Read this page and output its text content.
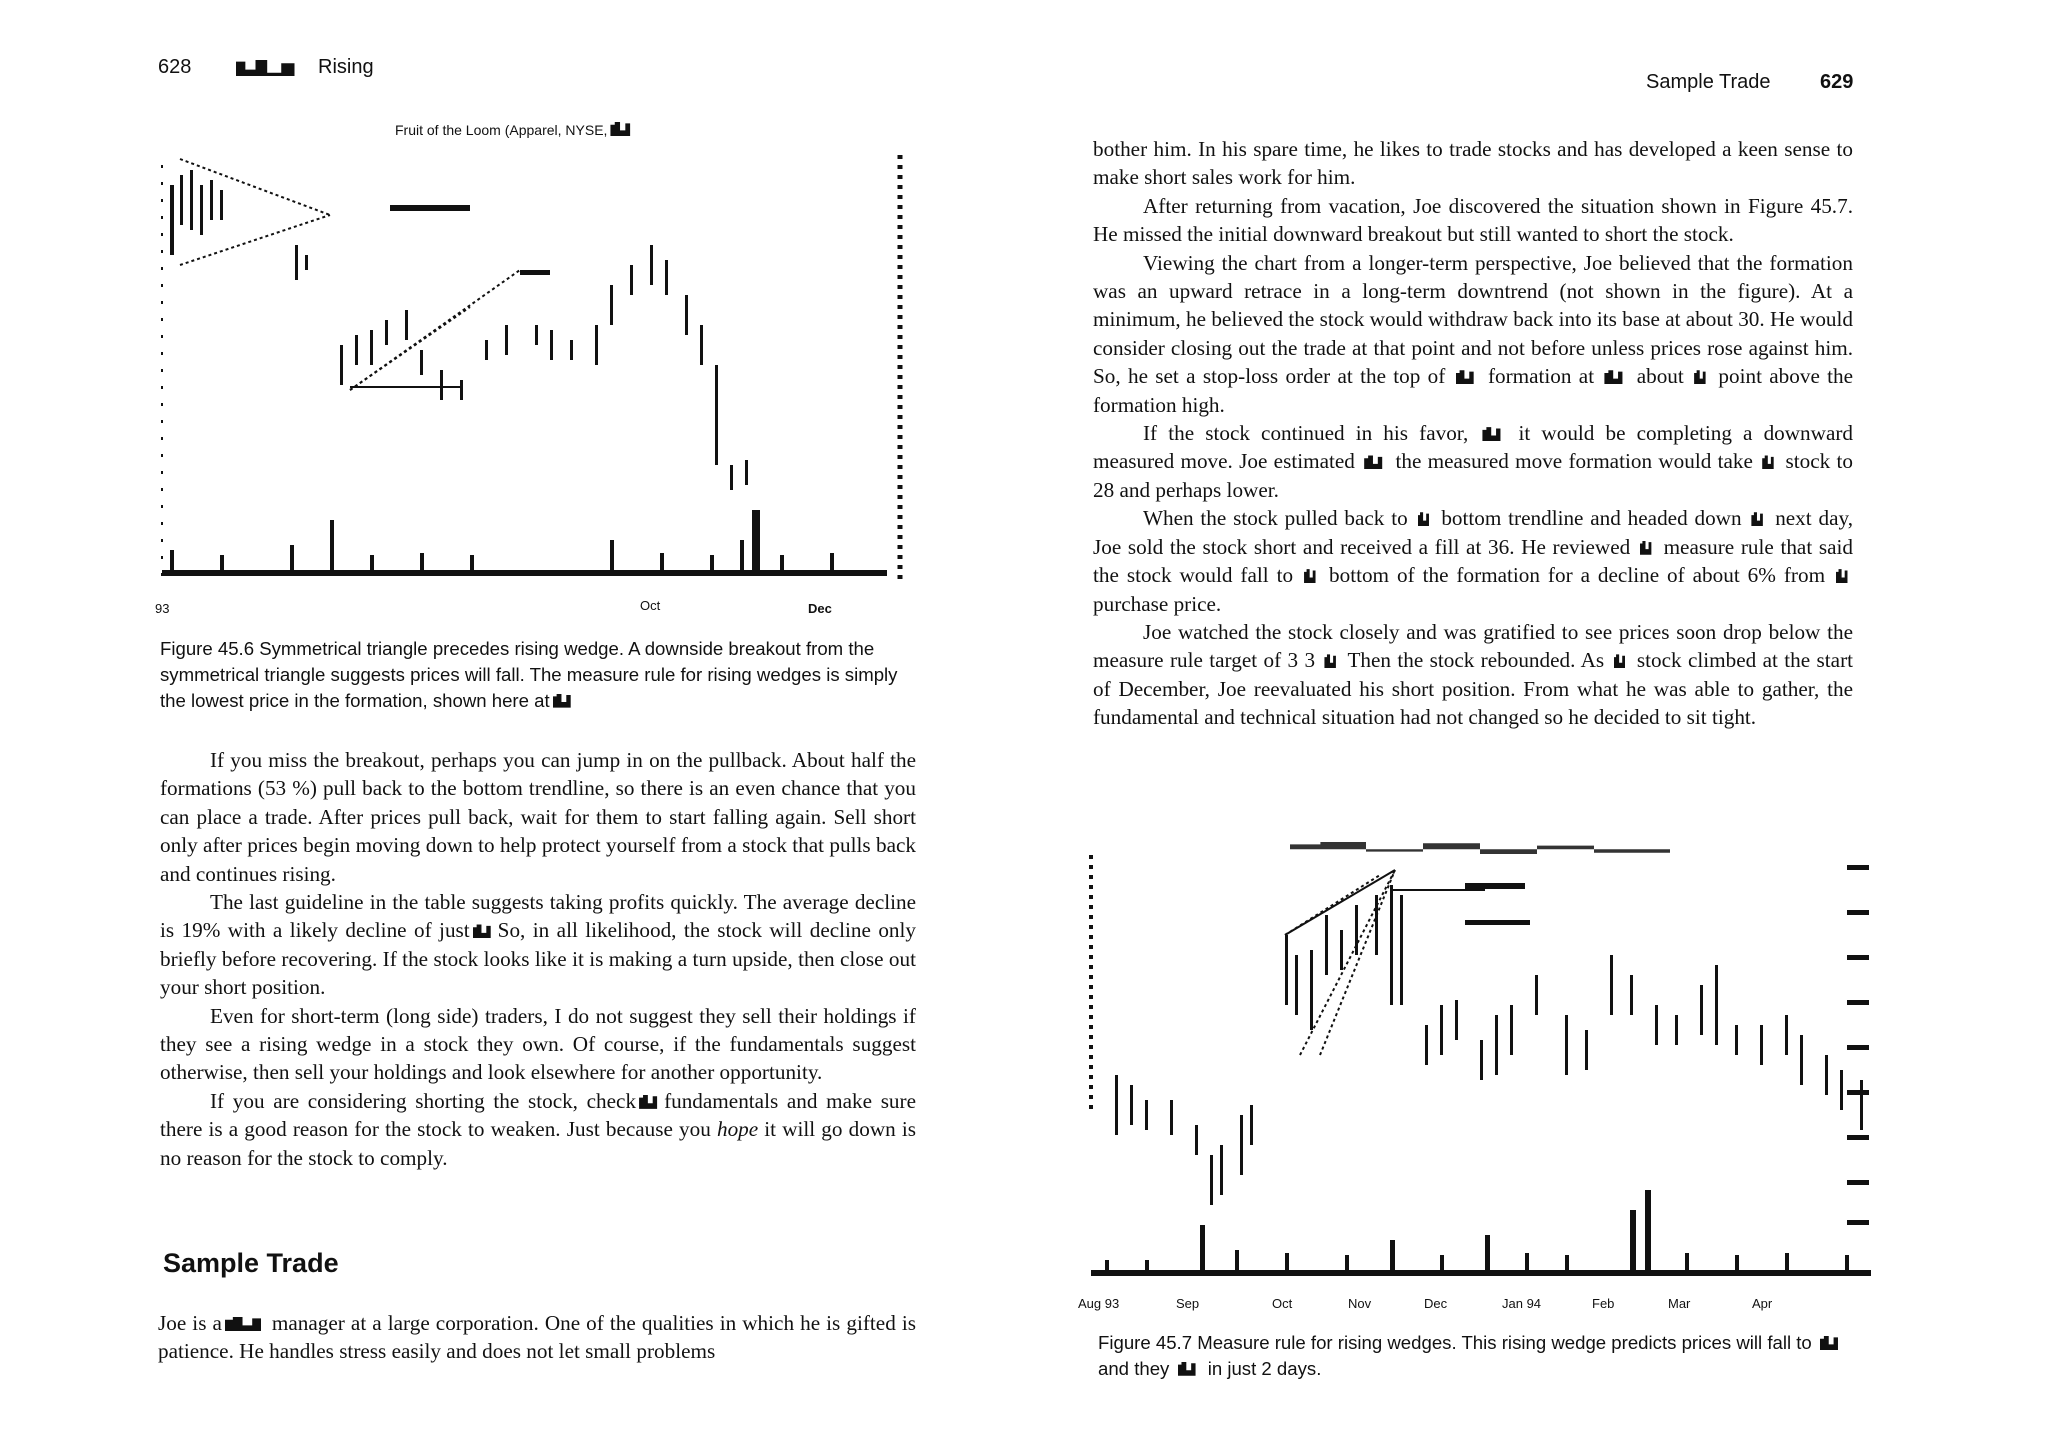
628	Rising
Sample Trade 629
Fruit of the Loom (Apparel, NYSE,
93	Oct	Dec
Figure 45.6 Symmetrical triangle precedes rising wedge. A downside breakout from the symmetrical triangle suggests prices will fall. The measure rule for rising wedges is simply the lowest price in the formation, shown here at

If you miss the breakout, perhaps you can jump in on the pullback. About half the formations (53 %) pull back to the bottom trendline, so there is an even chance that you can place a trade. After prices pull back, wait for them to start falling again. Sell short only after prices begin moving down to help protect yourself from a stock that pulls back and continues rising.

The last guideline in the table suggests taking profits quickly. The average decline is 19% with a likely decline of just So, in all likelihood, the stock will decline only briefly before recovering. If the stock looks like it is making a turn upside, then close out your short position.

Even for short-term (long side) traders, I do not suggest they sell their holdings if they see a rising wedge in a stock they own. Of course, if the fundamentals suggest otherwise, then sell your holdings and look elsewhere for another opportunity.

If you are considering shorting the stock, check fundamentals and make sure there is a good reason for the stock to weaken. Just because you hope it will go down is no reason for the stock to comply.

Sample Trade

Joe is a manager at a large corporation. One of the qualities in which he is gifted is patience. He handles stress easily and does not let small problems

bother him. In his spare time, he likes to trade stocks and has developed a keen sense to make short sales work for him.

After returning from vacation, Joe discovered the situation shown in Figure 45.7. He missed the initial downward breakout but still wanted to short the stock.

Viewing the chart from a longer-term perspective, Joe believed that the formation was an upward retrace in a long-term downtrend (not shown in the figure). At a minimum, he believed the stock would withdraw back into its base at about 30. He would consider closing out the trade at that point and not before unless prices rose against him. So, he set a stop-loss order at the top of formation at about point above the formation high.

If the stock continued in his favor, it would be completing a downward measured move. Joe estimated the measured move formation would take stock to 28 and perhaps lower.

When the stock pulled back to bottom trendline and headed down next day, Joe sold the stock short and received a fill at 36. He reviewed measure rule that said the stock would fall to bottom of the formation for a decline of about 6% from  purchase price.

Joe watched the stock closely and was gratified to see prices soon drop below the measure rule target of 3 3 Then the stock rebounded. As stock climbed at the start of December, Joe reevaluated his short position. From what he was able to gather, the fundamental and technical situation had not changed so he decided to sit tight.

Aug 93	Sep	Oct	Nov	Dec	Jan 94	Feb	Mar	Apr
Figure 45.7 Measure rule for rising wedges. This rising wedge predicts prices will fall to  and they in just 2 days.
